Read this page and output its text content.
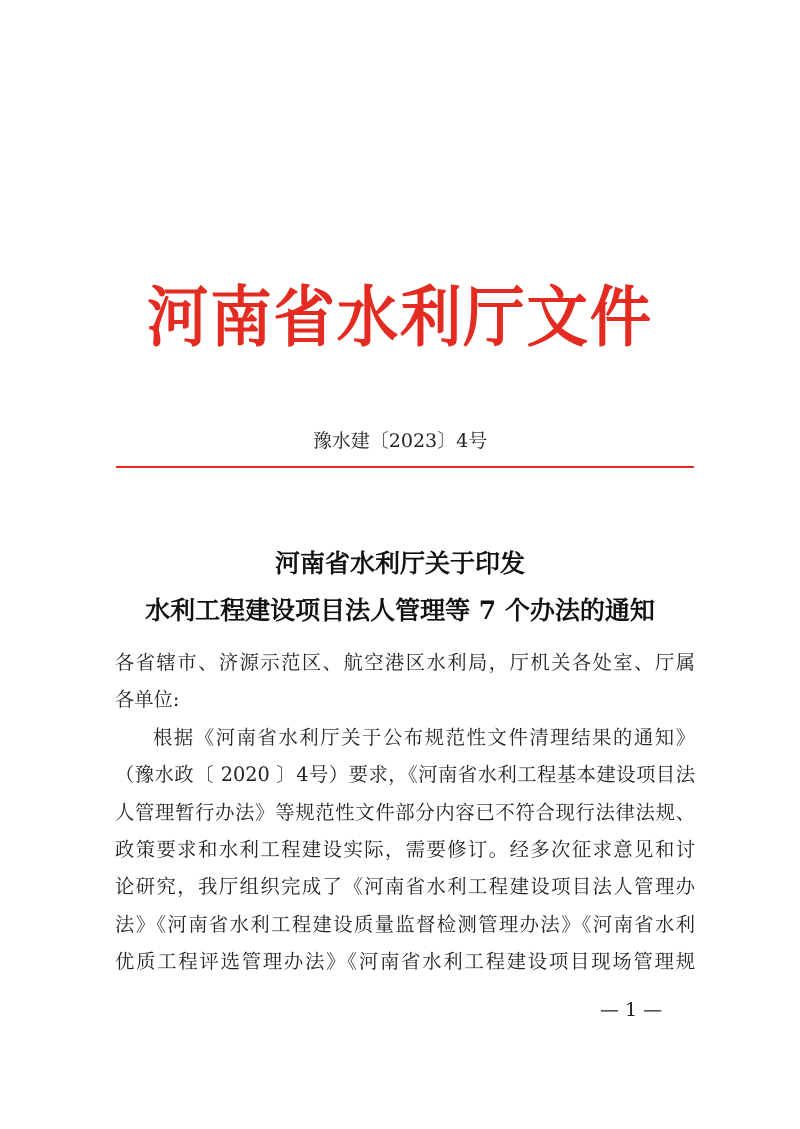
河南省水利厅文件
豫水建〔2023〕4号
河南省水利厅关于印发
水利工程建设项目法人管理等 7 个办法的通知
各省辖市、济源示范区、航空港区水利局，厅机关各处室、厅属
各单位:
根据《河南省水利厅关于公布规范性文件清理结果的通知》
（豫水政〔 2020 〕4号）要求，《河南省水利工程基本建设项目法
人管理暂行办法》等规范性文件部分内容已不符合现行法律法规、
政策要求和水利工程建设实际，需要修订。经多次征求意见和讨
论研究，我厅组织完成了《河南省水利工程建设项目法人管理办
法》《河南省水利工程建设质量监督检测管理办法》《河南省水利
优质工程评选管理办法》《河南省水利工程建设项目现场管理规
— 1 —
